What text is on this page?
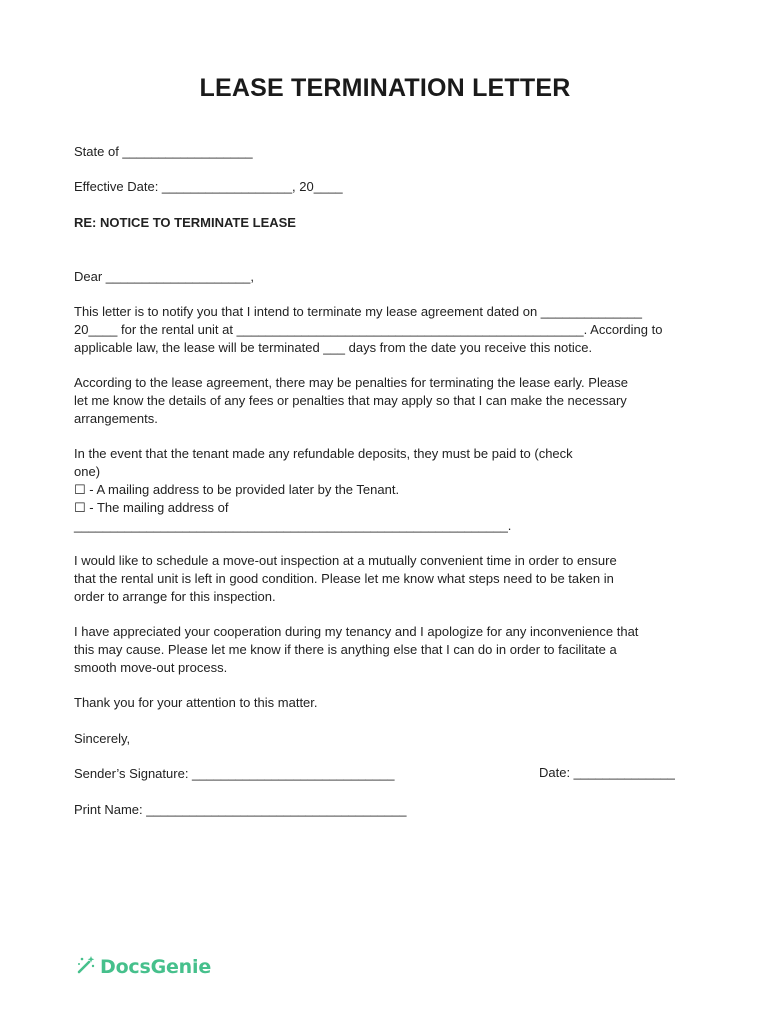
LEASE TERMINATION LETTER
State of __________________
Effective Date: __________________, 20____
RE: NOTICE TO TERMINATE LEASE
Dear ____________________,
This letter is to notify you that I intend to terminate my lease agreement dated on ______________
20____ for the rental unit at ________________________________________________. According to
applicable law, the lease will be terminated ___ days from the date you receive this notice.
According to the lease agreement, there may be penalties for terminating the lease early. Please
let me know the details of any fees or penalties that may apply so that I can make the necessary
arrangements.
In the event that the tenant made any refundable deposits, they must be paid to (check
one)
☐ - A mailing address to be provided later by the Tenant.
☐ - The mailing address of
____________________________________________________________.
I would like to schedule a move-out inspection at a mutually convenient time in order to ensure
that the rental unit is left in good condition. Please let me know what steps need to be taken in
order to arrange for this inspection.
I have appreciated your cooperation during my tenancy and I apologize for any inconvenience that
this may cause. Please let me know if there is anything else that I can do in order to facilitate a
smooth move-out process.
Thank you for your attention to this matter.
Sincerely,
Sender’s Signature: ____________________________	Date: ______________
Print Name: ____________________________________
DocsGenie
